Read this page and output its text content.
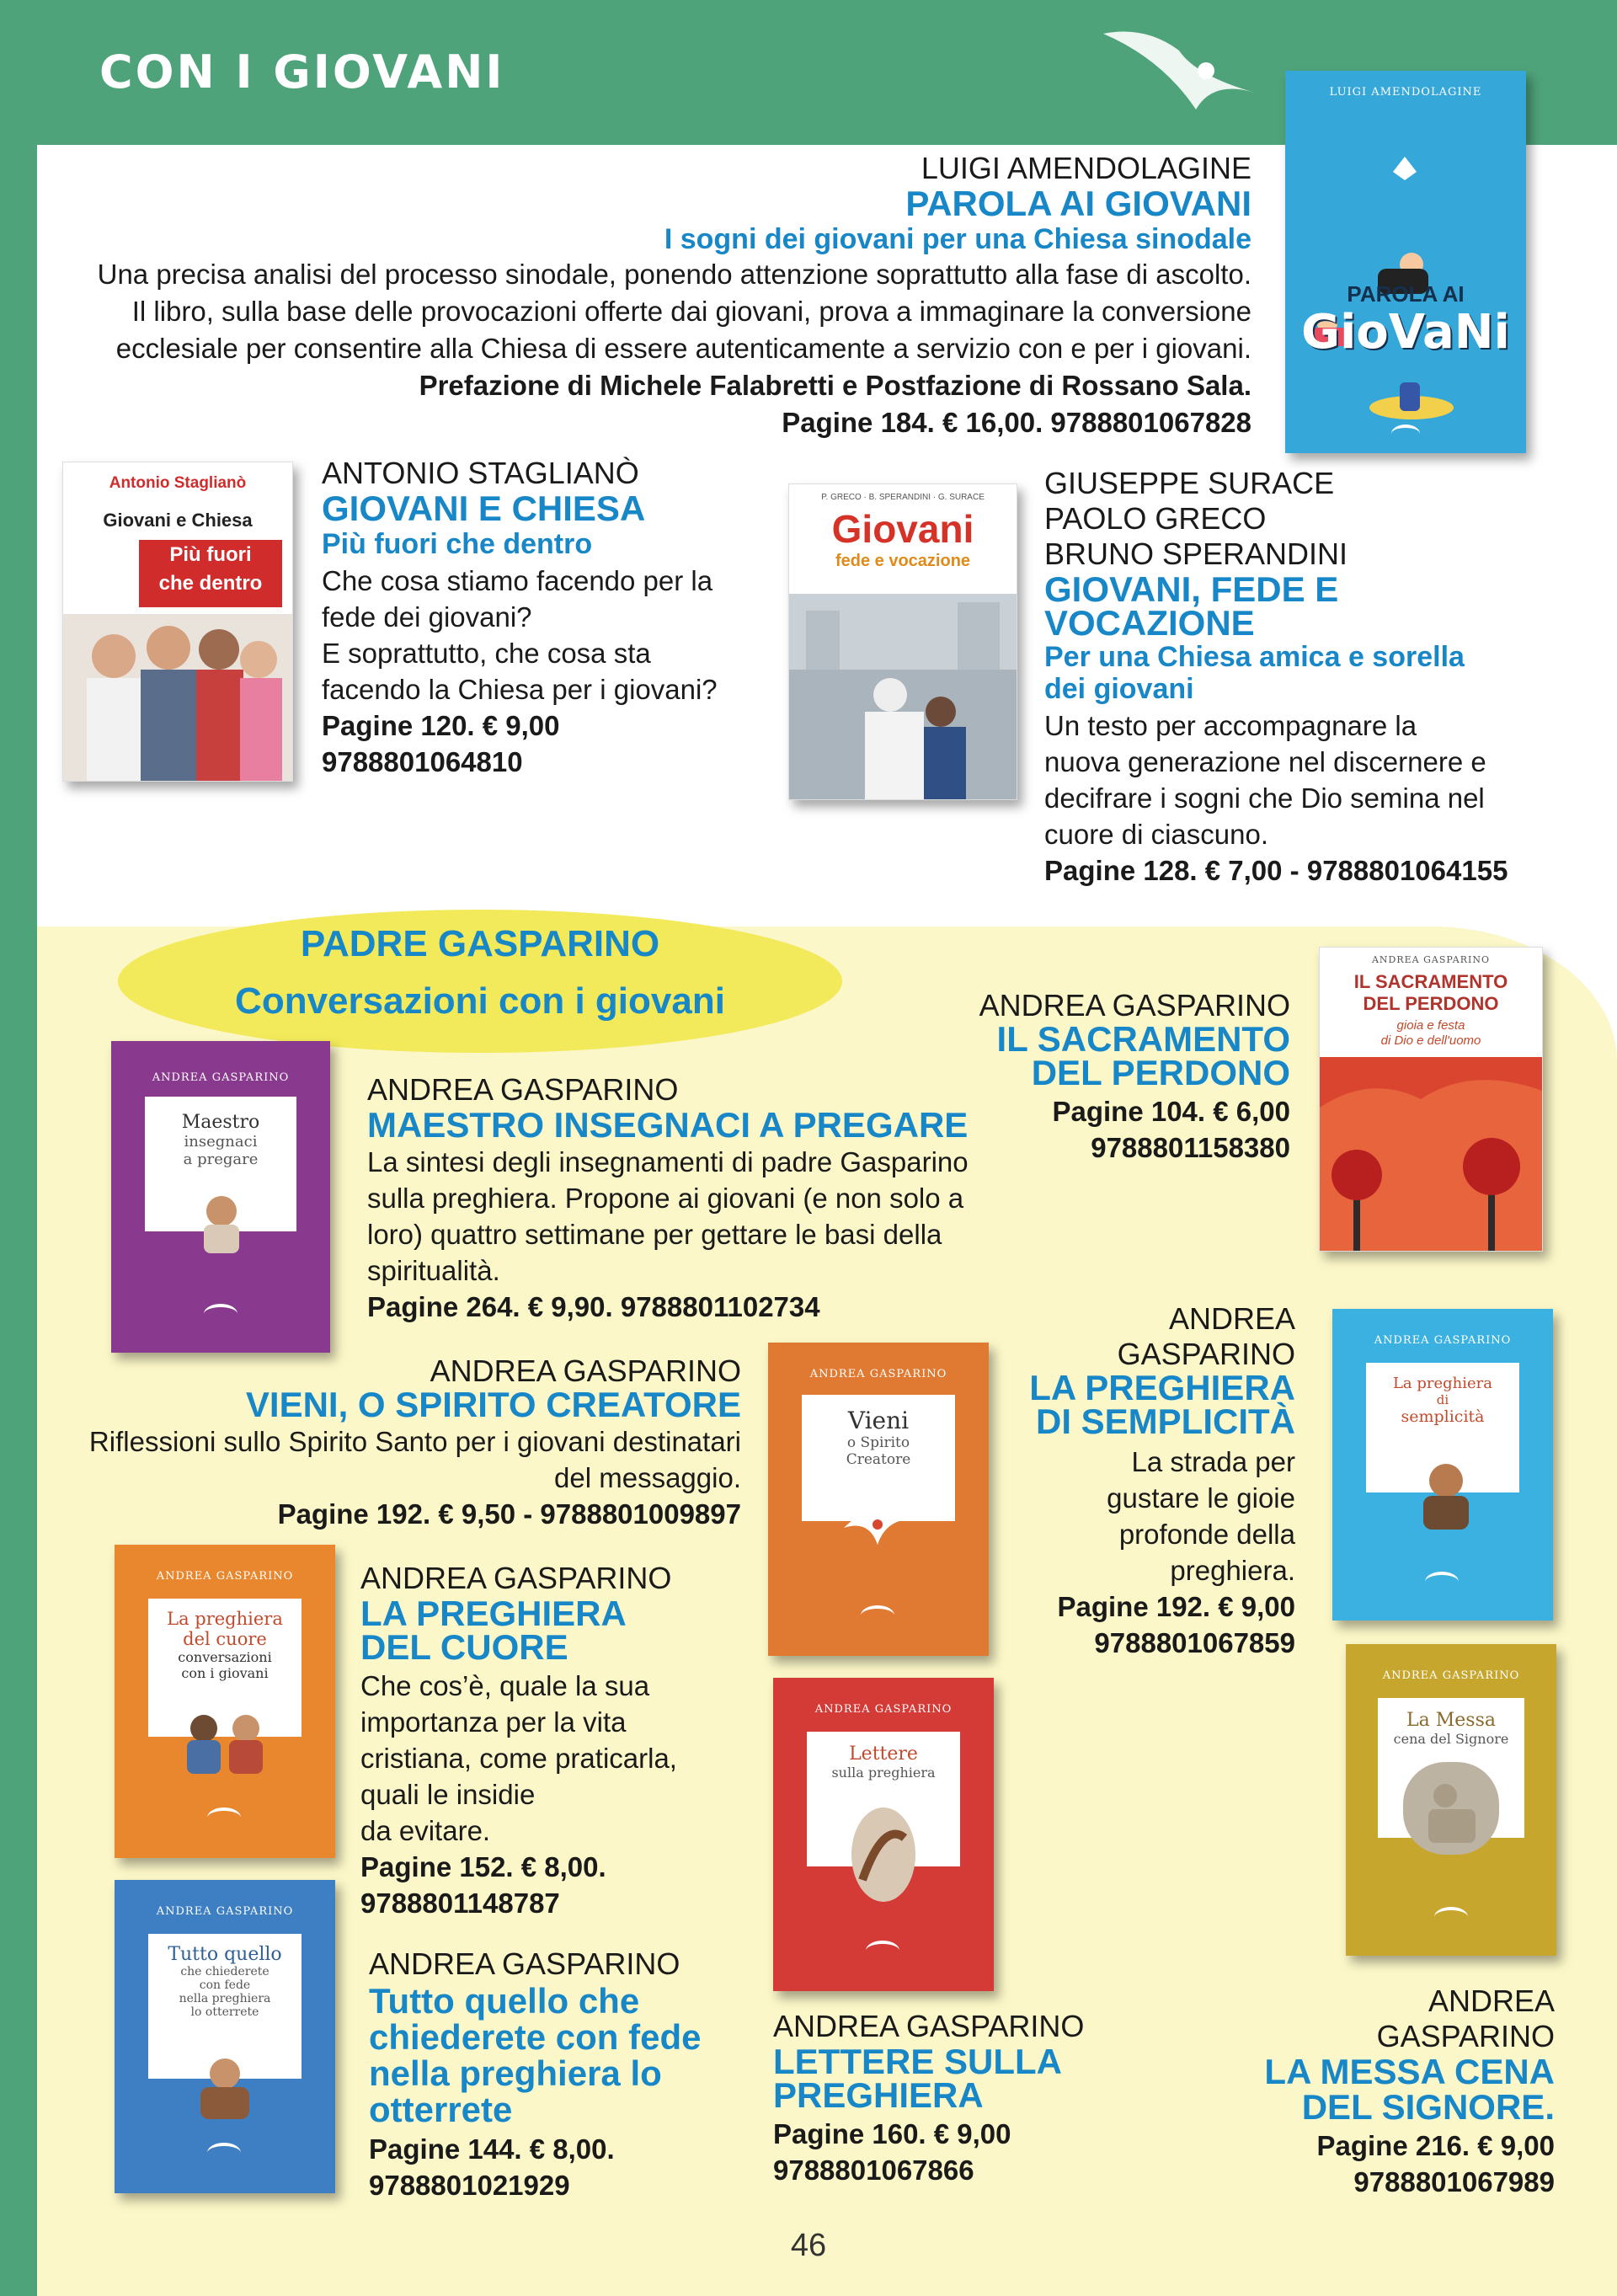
CON I GIOVANI	LUIGI AMENDOLAGINE
PAROLA AI
GioVaNi
LUIGI AMENDOLAGINE
PAROLA AI GIOVANI
I sogni dei giovani per una Chiesa sinodale
Una precisa analisi del processo sinodale, ponendo attenzione soprattutto alla fase di ascolto.
Il libro, sulla base delle provocazioni offerte dai giovani, prova a immaginare la conversione
ecclesiale per consentire alla Chiesa di essere autenticamente a servizio con e per i giovani.
Prefazione di Michele Falabretti e Postfazione di Rossano Sala.
Pagine 184. € 16,00. 9788801067828
Antonio Staglianò
Giovani e Chiesa
Più fuori
che dentro
ANTONIO STAGLIANÒ
GIOVANI E CHIESA
Più fuori che dentro
Che cosa stiamo facendo per la
fede dei giovani?
E soprattutto, che cosa sta
facendo la Chiesa per i giovani?
Pagine 120. € 9,00
9788801064810
P. GRECO · B. SPERANDINI · G. SURACE
Giovani
fede e vocazione
GIUSEPPE SURACE
PAOLO GRECO
BRUNO SPERANDINI
GIOVANI, FEDE E
VOCAZIONE
Per una Chiesa amica e sorella
dei giovani
Un testo per accompagnare la
nuova generazione nel discernere e
decifrare i sogni che Dio semina nel
cuore di ciascuno.
Pagine 128. € 7,00 - 9788801064155
PADRE GASPARINO
Conversazioni con i giovani
ANDREA GASPARINO
Maestro
insegnaci
a pregare
ANDREA GASPARINO
MAESTRO INSEGNACI A PREGARE
La sintesi degli insegnamenti di padre Gasparino
sulla preghiera. Propone ai giovani (e non solo a
loro) quattro settimane per gettare le basi della
spiritualità.
Pagine 264. € 9,90. 9788801102734
ANDREA GASPARINO
IL SACRAMENTO
DEL PERDONO
gioia e festa
di Dio e dell'uomo
ANDREA GASPARINO
IL SACRAMENTO
DEL PERDONO
Pagine 104. € 6,00
9788801158380
ANDREA GASPARINO
Vieni
o Spirito
Creatore
ANDREA GASPARINO
VIENI, O SPIRITO CREATORE
Riflessioni sullo Spirito Santo per i giovani destinatari
del messaggio.
Pagine 192. € 9,50 - 9788801009897
ANDREA GASPARINO
La preghiera
di
semplicità
ANDREA
GASPARINO
LA PREGHIERA
DI SEMPLICITÀ
La strada per
gustare le gioie
profonde della
preghiera.
Pagine 192. € 9,00
9788801067859
ANDREA GASPARINO
La preghiera
del cuore
conversazioni
con i giovani
ANDREA GASPARINO
LA PREGHIERA
DEL CUORE
Che cos’è, quale la sua
importanza per la vita
cristiana, come praticarla,
quali le insidie
da evitare.
Pagine 152. € 8,00.
9788801148787
ANDREA GASPARINO
Tutto quello
che chiederete
con fede
nella preghiera
lo otterrete
ANDREA GASPARINO
Tutto quello che
chiederete con fede
nella preghiera lo
otterrete
Pagine 144. € 8,00.
9788801021929
ANDREA GASPARINO
Lettere
sulla preghiera
ANDREA GASPARINO
LETTERE SULLA
PREGHIERA
Pagine 160. € 9,00
9788801067866
ANDREA GASPARINO
La Messa
cena del Signore
ANDREA
GASPARINO
LA MESSA CENA
DEL SIGNORE.
Pagine 216. € 9,00
9788801067989
46
